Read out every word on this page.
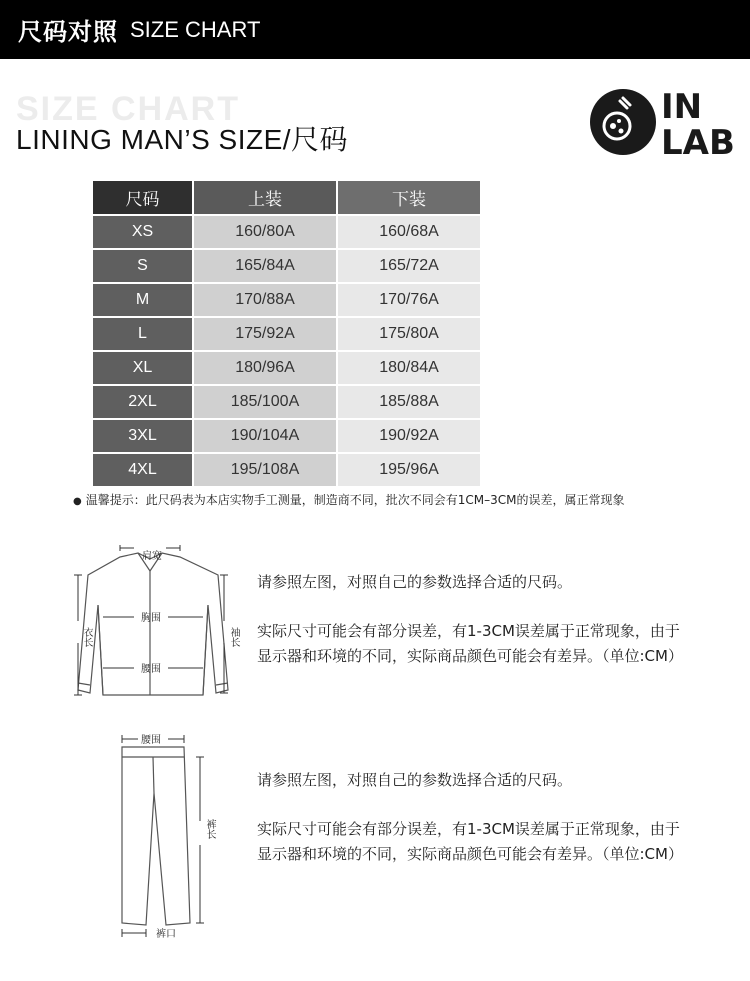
尺码对照 SIZE CHART
SIZE CHART
LINING MAN’S SIZE/尺码
IN
LAB
尺码	上装	下装
XS	160/80A	160/68A
S	165/84A	165/72A
M	170/88A	170/76A
L	175/92A	175/80A
XL	180/96A	180/84A
2XL	185/100A	185/88A
3XL	190/104A	190/92A
4XL	195/108A	195/96A
● 温馨提示：此尺码表为本店实物手工测量，制造商不同，批次不同会有1CM–3CM的误差，属正常现象
肩宽
胸围
腰围
衣长	袖长

请参照左图，对照自己的参数选择合适的尺码。

实际尺寸可能会有部分误差，有1-3CM误差属于正常现象，由于显示器和环境的不同，实际商品颜色可能会有差异。（单位:CM）

腰围
裤长
裤口

请参照左图，对照自己的参数选择合适的尺码。

实际尺寸可能会有部分误差，有1-3CM误差属于正常现象，由于显示器和环境的不同，实际商品颜色可能会有差异。（单位:CM）
